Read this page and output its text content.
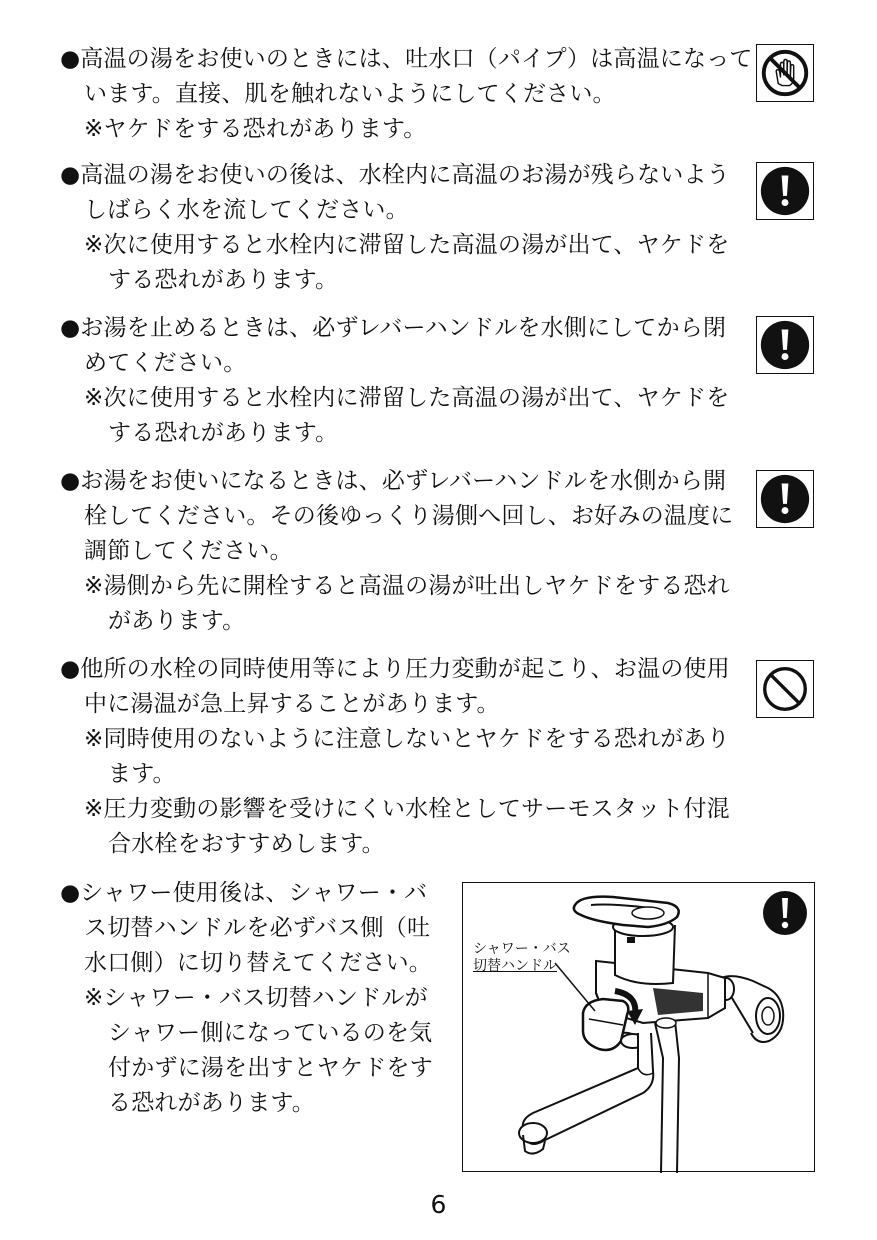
●高温の湯をお使いのときには、吐水口（パイプ）は高温になって
います。直接、肌を触れないようにしてください。
※ヤケドをする恐れがあります。
●高温の湯をお使いの後は、水栓内に高温のお湯が残らないよう
しばらく水を流してください。
※次に使用すると水栓内に滞留した高温の湯が出て、ヤケドを
する恐れがあります。
●お湯を止めるときは、必ずレバーハンドルを水側にしてから閉
めてください。
※次に使用すると水栓内に滞留した高温の湯が出て、ヤケドを
する恐れがあります。
●お湯をお使いになるときは、必ずレバーハンドルを水側から開
栓してください。その後ゆっくり湯側へ回し、お好みの温度に
調節してください。
※湯側から先に開栓すると高温の湯が吐出しヤケドをする恐れ
があります。
●他所の水栓の同時使用等により圧力変動が起こり、お温の使用
中に湯温が急上昇することがあります。
※同時使用のないように注意しないとヤケドをする恐れがあり
ます。
※圧力変動の影響を受けにくい水栓としてサーモスタット付混
合水栓をおすすめします。
●シャワー使用後は、シャワー・バ
ス切替ハンドルを必ずバス側（吐
水口側）に切り替えてください。
※シャワー・バス切替ハンドルが
シャワー側になっているのを気
付かずに湯を出すとヤケドをす
る恐れがあります。
シャワー・バス
切替ハンドル
6
